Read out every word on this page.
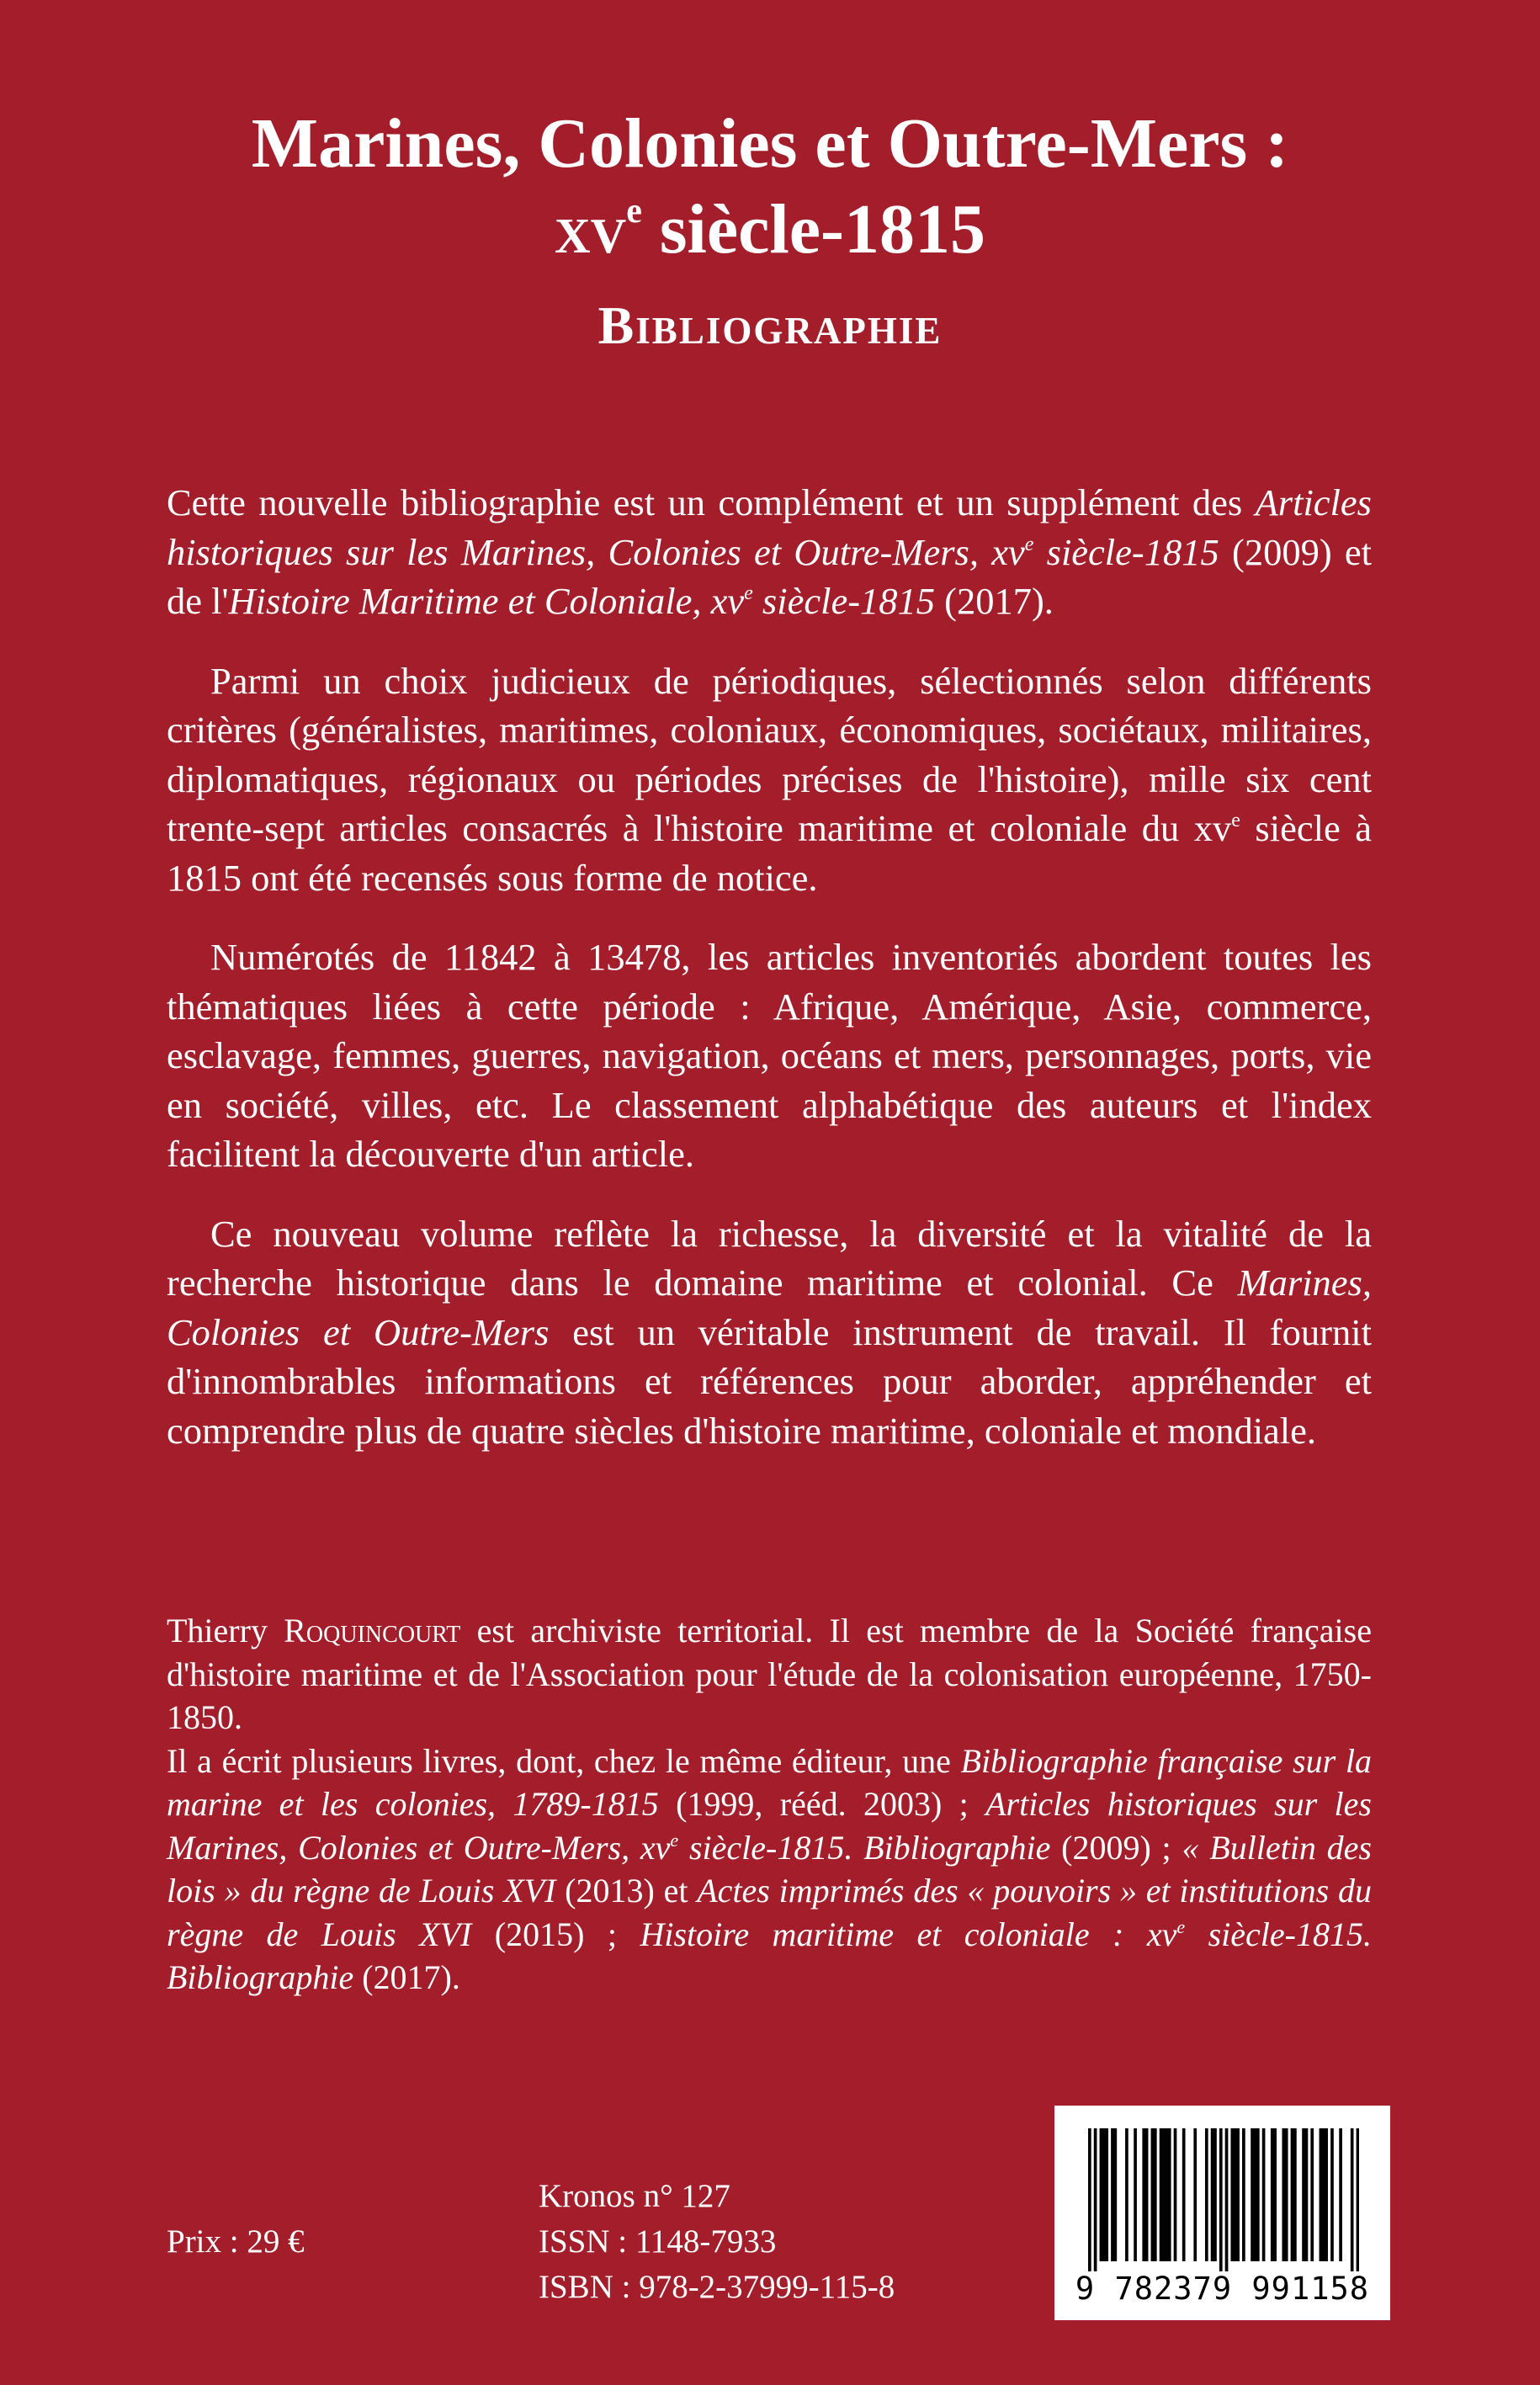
Marines, Colonies et Outre-Mers :
$xv^e$ siècle-1815
Bibliographie

Cette nouvelle bibliographie est un complément et un supplément des Articles historiques sur les Marines, Colonies et Outre-Mers, $xv^e$ siècle-1815 (2009) et de l'Histoire Maritime et Coloniale, $xv^e$ siècle-1815 (2017).

Parmi un choix judicieux de périodiques, sélectionnés selon différents critères (généralistes, maritimes, coloniaux, économiques, sociétaux, militaires, diplomatiques, régionaux ou périodes précises de l'histoire), mille six cent trente-sept articles consacrés à l'histoire maritime et coloniale du $xv^e$ siècle à 1815 ont été recensés sous forme de notice.

Numérotés de 11842 à 13478, les articles inventoriés abordent toutes les thématiques liées à cette période : Afrique, Amérique, Asie, commerce, esclavage, femmes, guerres, navigation, océans et mers, personnages, ports, vie en société, villes, etc. Le classement alphabétique des auteurs et l'index facilitent la découverte d'un article.

Ce nouveau volume reflète la richesse, la diversité et la vitalité de la recherche historique dans le domaine maritime et colonial. Ce Marines, Colonies et Outre-Mers est un véritable instrument de travail. Il fournit d'innombrables informations et références pour aborder, appréhender et comprendre plus de quatre siècles d'histoire maritime, coloniale et mondiale.

Thierry Roquincourt est archiviste territorial. Il est membre de la Société française d'histoire maritime et de l'Association pour l'étude de la colonisation européenne, 1750-1850.

Il a écrit plusieurs livres, dont, chez le même éditeur, une Bibliographie française sur la marine et les colonies, 1789-1815 (1999, rééd. 2003) ; Articles historiques sur les Marines, Colonies et Outre-Mers, $xv^e$ siècle-1815. Bibliographie (2009) ; « Bulletin des lois » du règne de Louis XVI (2013) et Actes imprimés des « pouvoirs » et institutions du règne de Louis XVI (2015) ; Histoire maritime et coloniale : $xv^e$ siècle-1815. Bibliographie (2017).

Kronos n° 127
ISSN : 1148-7933
ISBN : 978-2-37999-115-8
Prix : 29 €
9 782379 991158
